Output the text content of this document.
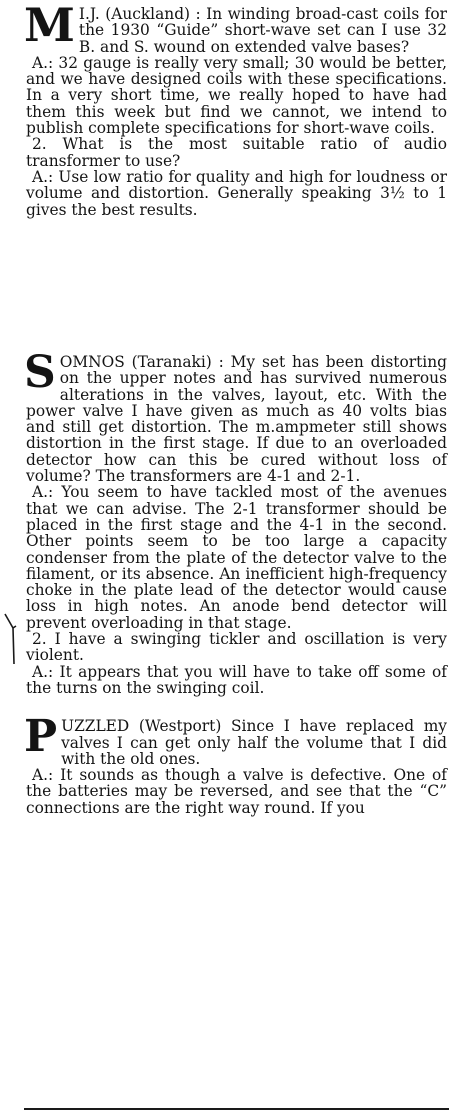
M I.J. (Auckland) : In winding broad-cast coils for the 1930 “Guide” short-wave set can I use 32 B. and S. wound on extended valve bases?

A.: 32 gauge is really very small; 30 would be better, and we have designed coils with these specifications. In a very short time, we really hoped to have had them this week but find we cannot, we intend to publish complete specifications for short-wave coils.

2. What is the most suitable ratio of audio transformer to use?

A.: Use low ratio for quality and high for loudness or volume and distortion. Generally speaking 3½ to 1 gives the best results.

SOMNOS (Taranaki) : My set has been distorting on the upper notes and has survived numerous alterations in the valves, layout, etc. With the power valve I have given as much as 40 volts bias and still get distortion. The m.ampmeter still shows distortion in the first stage. If due to an overloaded detector how can this be cured without loss of volume? The transformers are 4-1 and 2-1.

A.: You seem to have tackled most of the avenues that we can advise. The 2-1 transformer should be placed in the first stage and the 4-1 in the second. Other points seem to be too large a capacity condenser from the plate of the detector valve to the filament, or its absence. An inefficient high-frequency choke in the plate lead of the detector would cause loss in high notes. An anode bend detector will prevent overloading in that stage.

2. I have a swinging tickler and oscillation is very violent.

A.: It appears that you will have to take off some of the turns on the swinging coil.

PUZZLED (Westport) Since I have replaced my valves I can get only half the volume that I did with the old ones.

A.: It sounds as though a valve is defective. One of the batteries may be reversed, and see that the “C” connections are the right way round. If you
